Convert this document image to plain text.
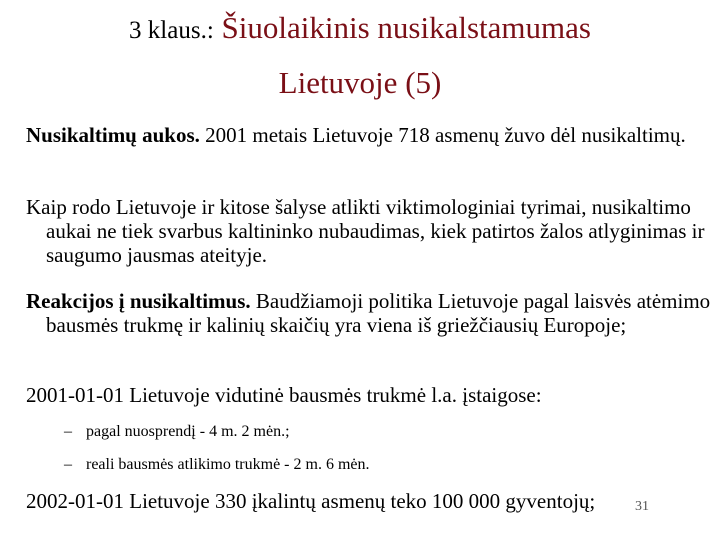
3 klaus.: Šiuolaikinis nusikalstamumas
Lietuvoje (5)
Nusikaltimų aukos. 2001 metais Lietuvoje 718 asmenų žuvo dėl nusikaltimų.
Kaip rodo Lietuvoje ir kitose šalyse atlikti viktimologiniai tyrimai, nusikaltimo aukai ne tiek svarbus kaltininko nubaudimas, kiek patirtos žalos atlyginimas ir saugumo jausmas ateityje.
Reakcijos į nusikaltimus. Baudžiamoji politika Lietuvoje pagal laisvės atėmimo bausmės trukmę ir kalinių skaičių yra viena iš griežčiausių Europoje;
2001-01-01 Lietuvoje vidutinė bausmės trukmė l.a. įstaigose:
– pagal nuosprendį - 4 m. 2 mėn.;
– reali bausmės atlikimo trukmė - 2 m. 6 mėn.
2002-01-01 Lietuvoje 330 įkalintų asmenų teko 100 000 gyventojų;	31
